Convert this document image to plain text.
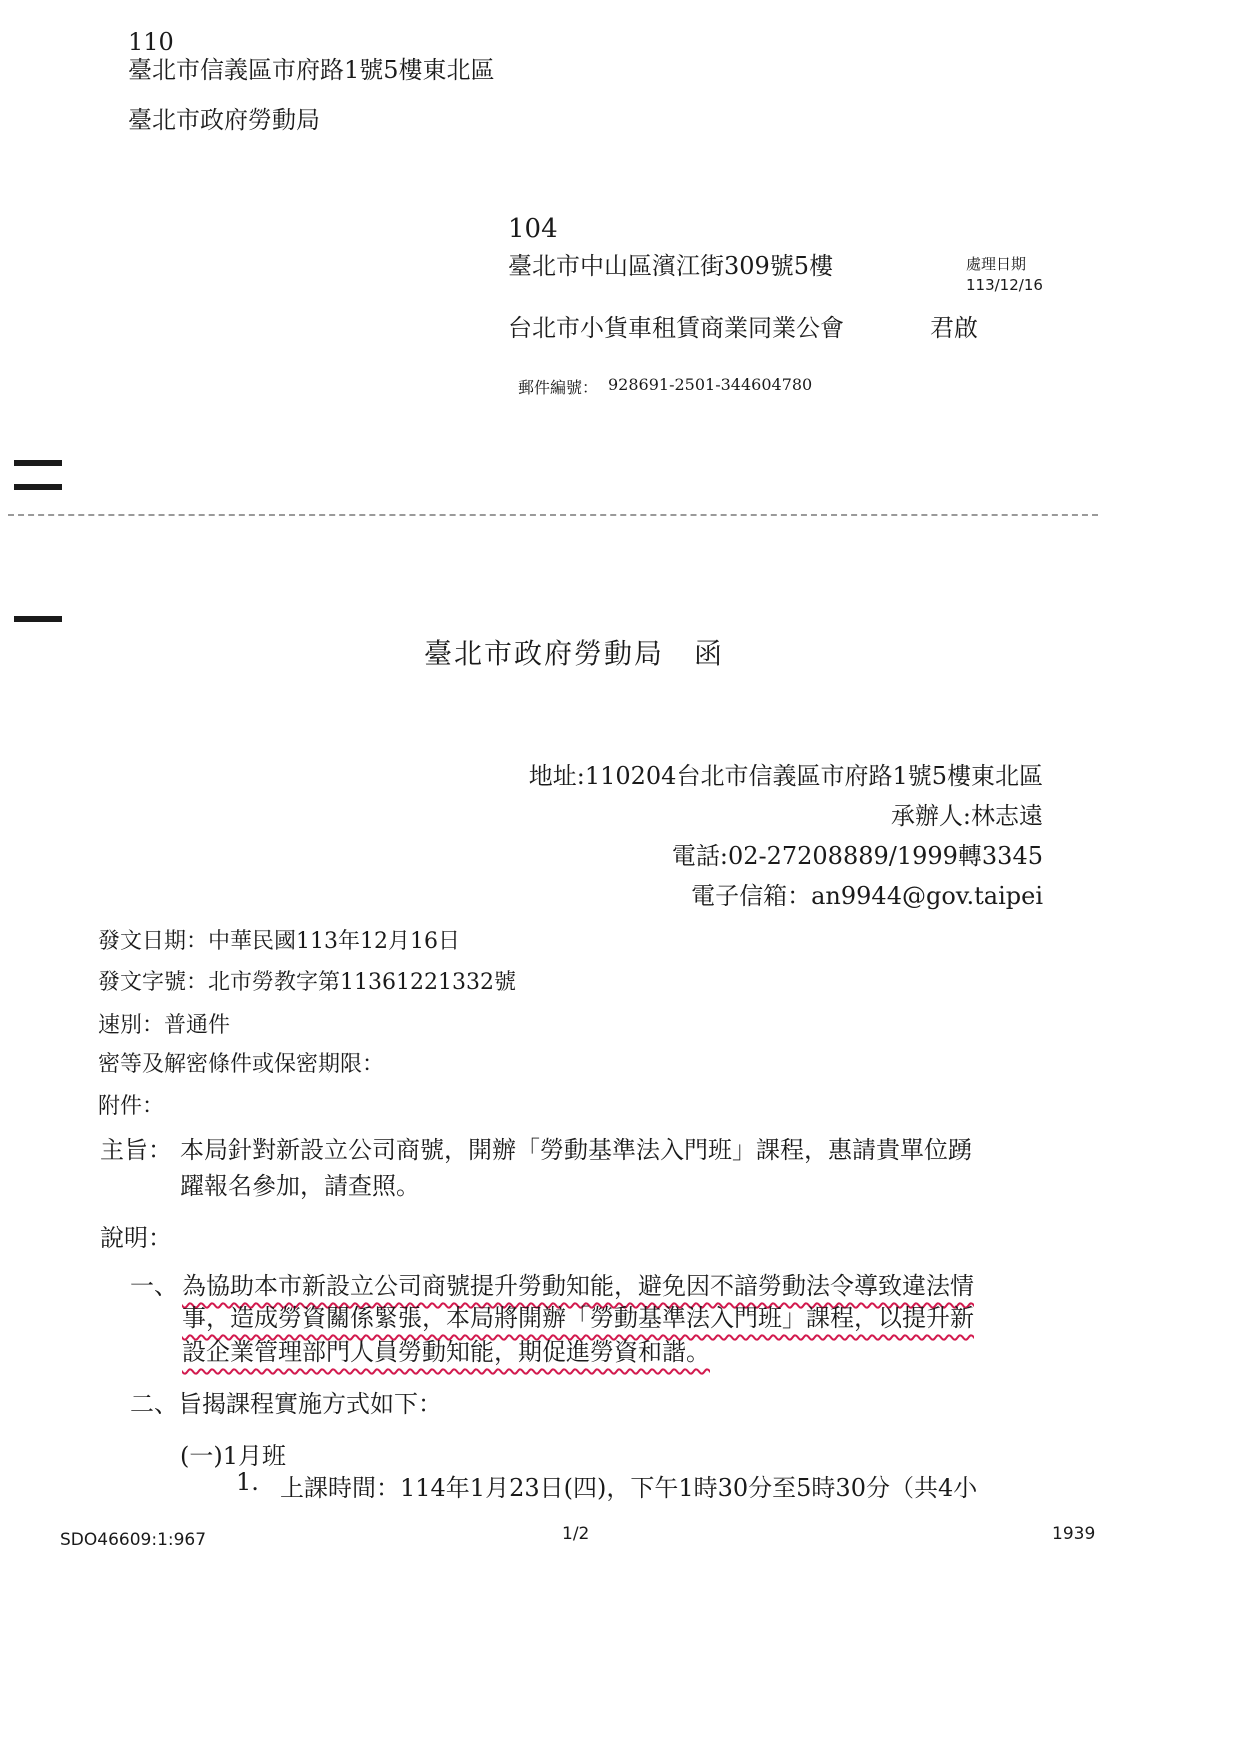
110
臺北市信義區市府路1號5樓東北區
臺北市政府勞動局
104
臺北市中山區濱江街309號5樓	處理日期
113/12/16
台北市小貨車租賃商業同業公會	君啟
郵件編號： 928691-2501-344604780
臺北市政府勞動局　函
地址:110204台北市信義區市府路1號5樓東北區
承辦人:林志遠
電話:02-27208889/1999轉3345
電子信箱：an9944@gov.taipei
發文日期：中華民國113年12月16日
發文字號：北市勞教字第11361221332號
速別：普通件
密等及解密條件或保密期限：
附件：
主旨： 本局針對新設立公司商號，開辦「勞動基準法入門班」課程，惠請貴單位踴
躍報名參加，請查照。
說明：
一、 為協助本市新設立公司商號提升勞動知能，避免因不諳勞動法令導致違法情
事，造成勞資關係緊張，本局將開辦「勞動基準法入門班」課程，以提升新
設企業管理部門人員勞動知能，期促進勞資和諧。
二、旨揭課程實施方式如下：
(一)1月班
1. 上課時間：114年1月23日(四)，下午1時30分至5時30分（共4小
SDO46609:1:967	1/2	1939
